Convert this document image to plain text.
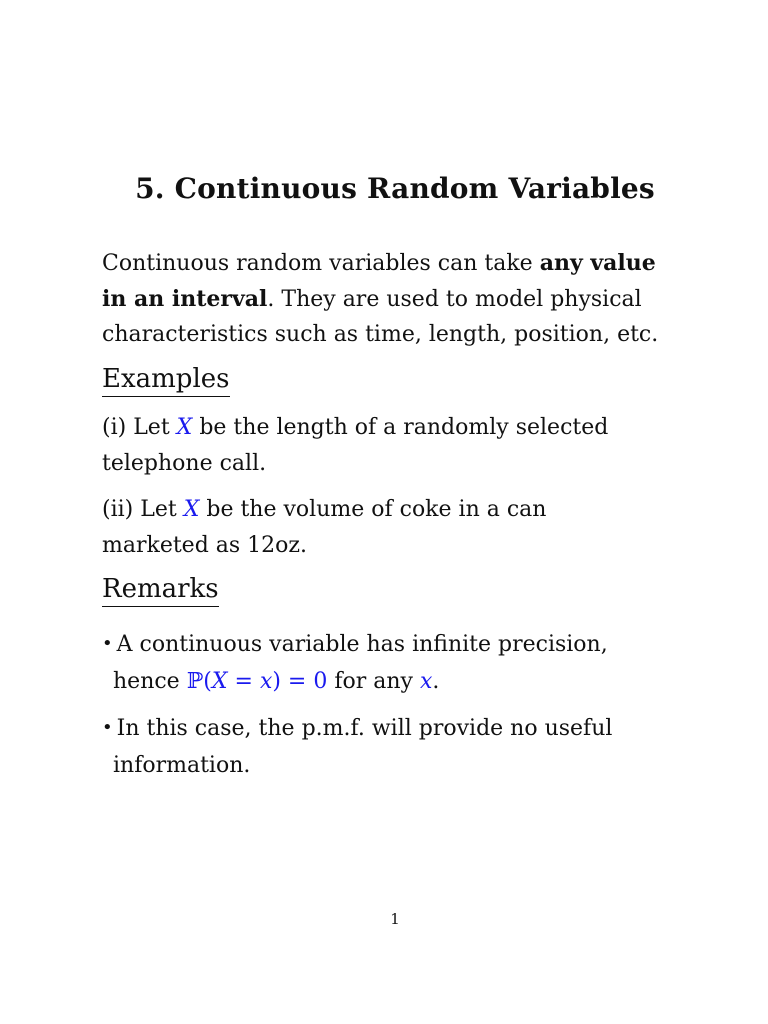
5. Continuous Random Variables
Continuous random variables can take any value
in an interval. They are used to model physical
characteristics such as time, length, position, etc.
Examples
(i) Let X be the length of a randomly selected
telephone call.
(ii) Let X be the volume of coke in a can
marketed as 12oz.
Remarks
• A continuous variable has infinite precision,
hence ℙ(X = x) = 0 for any x.
• In this case, the p.m.f. will provide no useful
information.
1
